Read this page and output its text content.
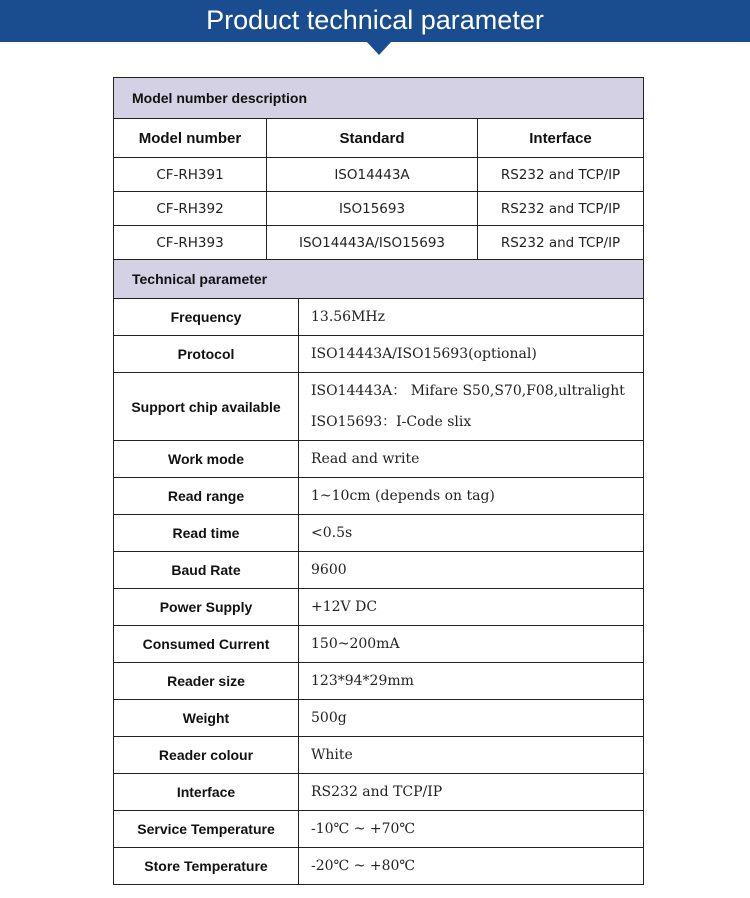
Product technical parameter
Model number description			
Model number	Standard		Interface
CF-RH391	ISO14443A		RS232 and TCP/IP
CF-RH392	ISO15693		RS232 and TCP/IP
CF-RH393	ISO14443A/ISO15693		RS232 and TCP/IP
Technical parameter			
Frequency		13.56MHz	
Protocol		ISO14443A/ISO15693(optional)	
Support chip available		ISO14443A： Mifare S50,S70,F08,ultralight
ISO15693：I-Code slix	

Work mode		Read and write	
Read range		1~10cm (depends on tag)	
Read time		<0.5s	
Baud Rate		9600	
Power Supply		+12V DC	
Consumed Current		150~200mA	
Reader size		123*94*29mm	
Weight		500g	
Reader colour		White	
Interface		RS232 and TCP/IP	
Service Temperature		-10℃ ~ +70℃	
Store Temperature		-20℃ ~ +80℃	
